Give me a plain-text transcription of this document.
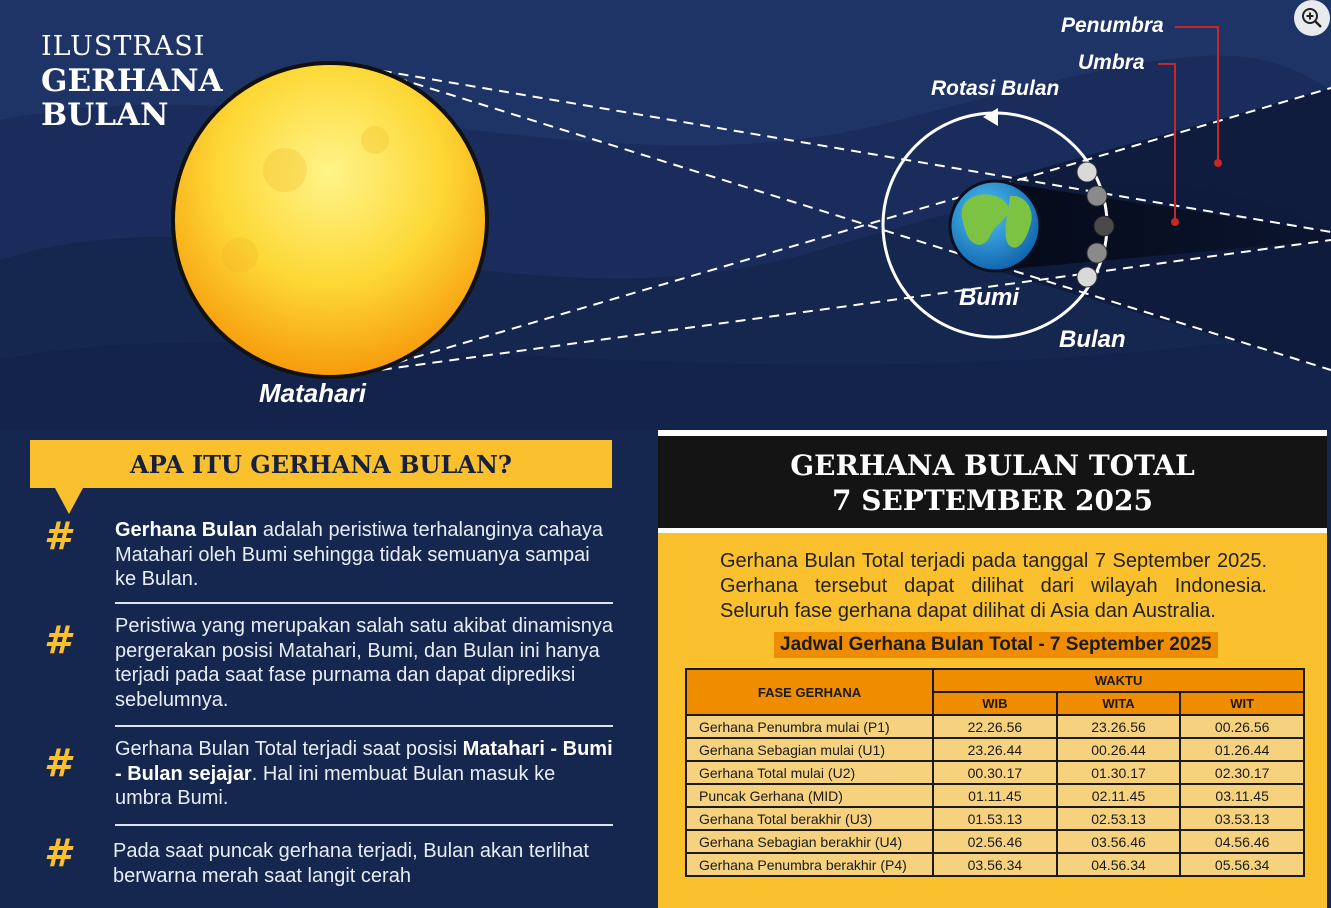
ILUSTRASI
GERHANA
BULAN
Matahari
Bumi
Bulan
Rotasi Bulan
Penumbra
Umbra
APA ITU GERHANA BULAN?
#	Gerhana Bulan adalah peristiwa terhalanginya cahaya Matahari oleh Bumi sehingga tidak semuanya sampai ke Bulan.
#	Peristiwa yang merupakan salah satu akibat dinamisnya pergerakan posisi Matahari, Bumi, dan Bulan ini hanya terjadi pada saat fase purnama dan dapat diprediksi sebelumnya.
#	Gerhana Bulan Total terjadi saat posisi Matahari - Bumi - Bulan sejajar. Hal ini membuat Bulan masuk ke umbra Bumi.
#	Pada saat puncak gerhana terjadi, Bulan akan terlihat berwarna merah saat langit cerah
GERHANA BULAN TOTAL
7 SEPTEMBER 2025
Gerhana Bulan Total terjadi pada tanggal 7 September 2025. Gerhana tersebut dapat dilihat dari wilayah Indonesia. Seluruh fase gerhana dapat dilihat di Asia dan Australia.
Jadwal Gerhana Bulan Total - 7 September 2025
FASE GERHANA	WAKTU		
	WIB	WITA	WIT
Gerhana Penumbra mulai (P1)	22.26.56	23.26.56	00.26.56
Gerhana Sebagian mulai (U1)	23.26.44	00.26.44	01.26.44
Gerhana Total mulai (U2)	00.30.17	01.30.17	02.30.17
Puncak Gerhana (MID)	01.11.45	02.11.45	03.11.45
Gerhana Total berakhir (U3)	01.53.13	02.53.13	03.53.13
Gerhana Sebagian berakhir (U4)	02.56.46	03.56.46	04.56.46
Gerhana Penumbra berakhir (P4)	03.56.34	04.56.34	05.56.34
